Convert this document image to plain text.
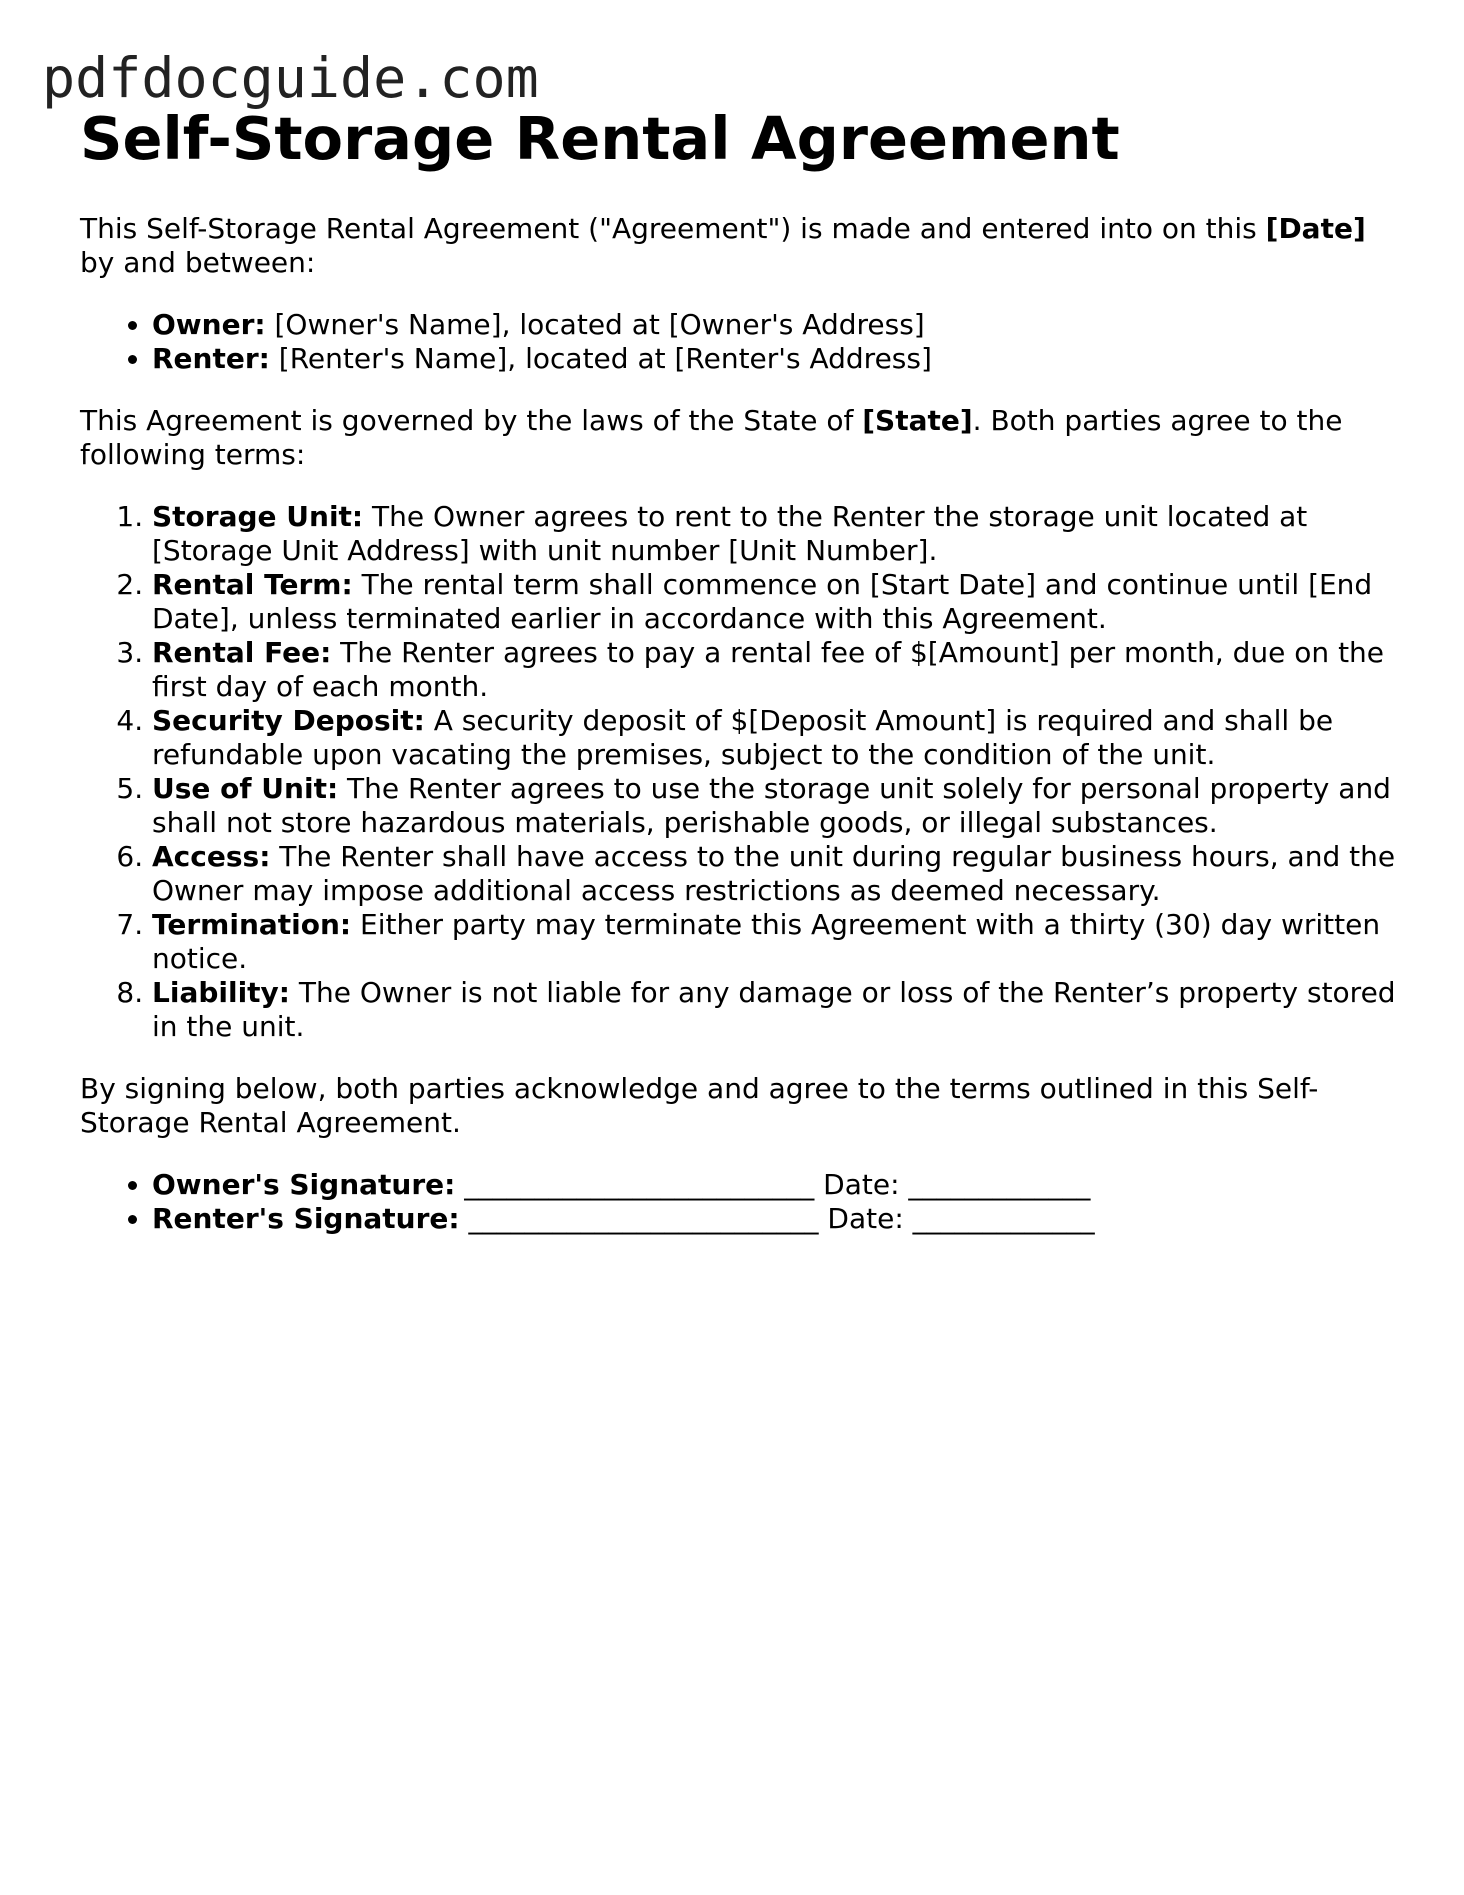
pdfdocguide.com
Self-Storage Rental Agreement

This Self-Storage Rental Agreement ("Agreement") is made and entered into on this [Date] by and between:

• Owner: [Owner's Name], located at [Owner's Address]
• Renter: [Renter's Name], located at [Renter's Address]

This Agreement is governed by the laws of the State of [State]. Both parties agree to the following terms:

1. Storage Unit: The Owner agrees to rent to the Renter the storage unit located at [Storage Unit Address] with unit number [Unit Number].
2. Rental Term: The rental term shall commence on [Start Date] and continue until [End Date], unless terminated earlier in accordance with this Agreement.
3. Rental Fee: The Renter agrees to pay a rental fee of $[Amount] per month, due on the first day of each month.
4. Security Deposit: A security deposit of $[Deposit Amount] is required and shall be refundable upon vacating the premises, subject to the condition of the unit.
5. Use of Unit: The Renter agrees to use the storage unit solely for personal property and shall not store hazardous materials, perishable goods, or illegal substances.
6. Access: The Renter shall have access to the unit during regular business hours, and the Owner may impose additional access restrictions as deemed necessary.
7. Termination: Either party may terminate this Agreement with a thirty (30) day written notice.
8. Liability: The Owner is not liable for any damage or loss of the Renter’s property stored in the unit.

By signing below, both parties acknowledge and agree to the terms outlined in this Self-Storage Rental Agreement.

• Owner's Signature: _________________________ Date: _____________
• Renter's Signature: _________________________ Date: _____________
